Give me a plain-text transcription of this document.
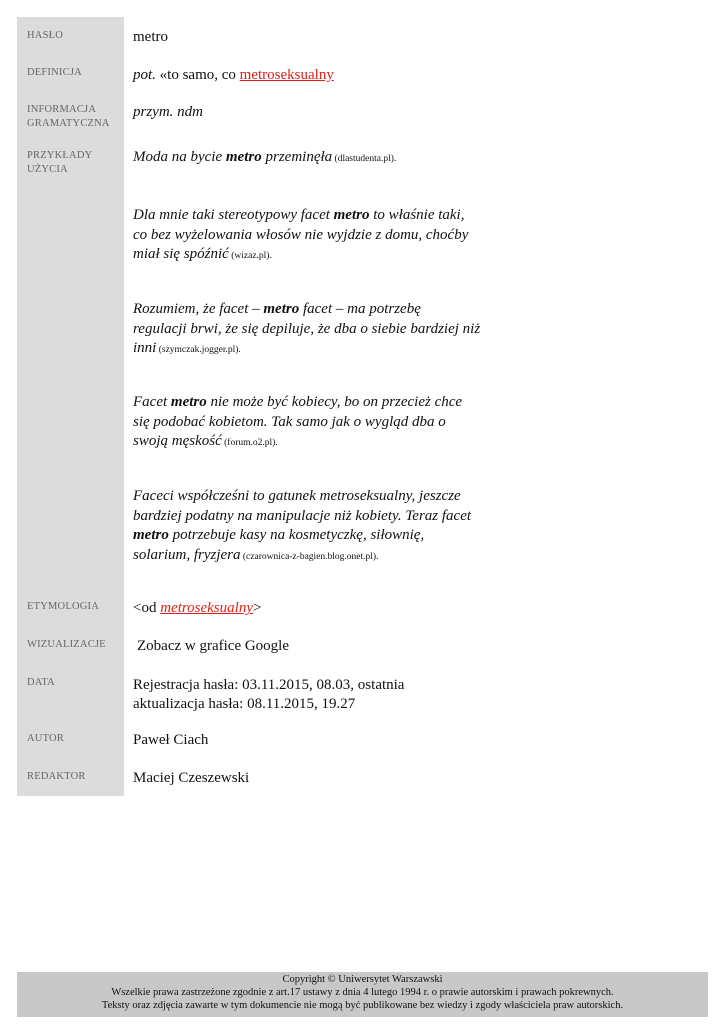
HASŁO
DEFINICJA
INFORMACJA
GRAMATYCZNA
PRZYKŁADY
UŻYCIA
ETYMOLOGIA
WIZUALIZACJE
DATA
AUTOR
REDAKTOR
metro
pot. «to samo, co metroseksualny
przym. ndm
Moda na bycie metro przeminęła (dlastudenta.pl).
Dla mnie taki stereotypowy facet metro to właśnie taki,
co bez wyżelowania włosów nie wyjdzie z domu, choćby
miał się spóźnić (wizaz.pl).
Rozumiem, że facet – metro facet – ma potrzebę
regulacji brwi, że się depiluje, że dba o siebie bardziej niż
inni (szymczak.jogger.pl).
Facet metro nie może być kobiecy, bo on przecież chce
się podobać kobietom. Tak samo jak o wygląd dba o
swoją męskość (forum.o2.pl).
Faceci współcześni to gatunek metroseksualny, jeszcze
bardziej podatny na manipulacje niż kobiety. Teraz facet
metro potrzebuje kasy na kosmetyczkę, siłownię,
solarium, fryzjera (czarownica-z-bagien.blog.onet.pl).
<od metroseksualny>
Zobacz w grafice Google
Rejestracja hasła: 03.11.2015, 08.03, ostatnia
aktualizacja hasła: 08.11.2015, 19.27
Paweł Ciach
Maciej Czeszewski
Copyright © Uniwersytet Warszawski
Wszelkie prawa zastrzeżone zgodnie z art.17 ustawy z dnia 4 lutego 1994 r. o prawie autorskim i prawach pokrewnych.
Teksty oraz zdjęcia zawarte w tym dokumencie nie mogą być publikowane bez wiedzy i zgody właściciela praw autorskich.
